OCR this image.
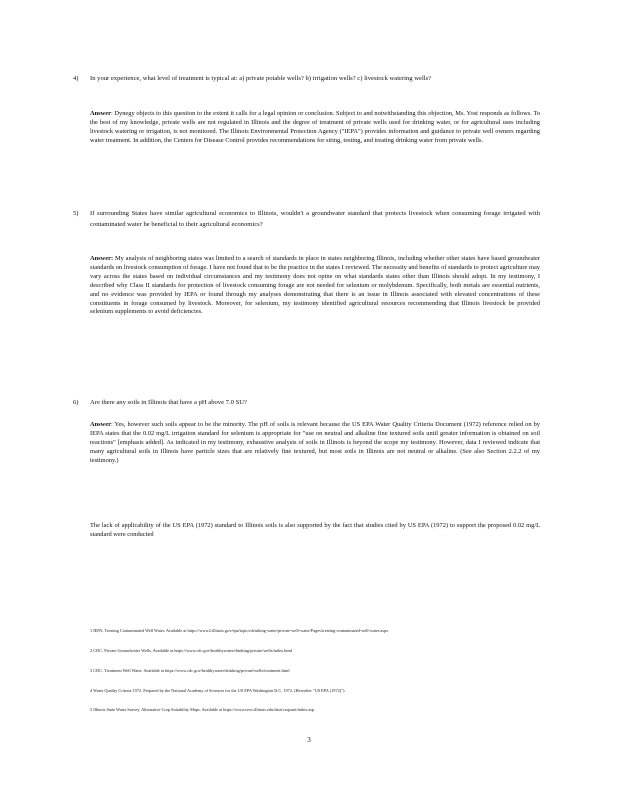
4) In your experience, what level of treatment is typical at: a) private potable wells? b) irrigation wells? c) livestock watering wells?
Answer: Dynegy objects to this question to the extent it calls for a legal opinion or conclusion. Subject to and notwithstanding this objection, Ms. Yost responds as follows. To the best of my knowledge, private wells are not regulated in Illinois and the degree of treatment of private wells used for drinking water, or for agricultural uses including livestock watering or irrigation, is not monitored. The Illinois Environmental Protection Agency ("IEPA") provides information and guidance to private well owners regarding water treatment. In addition, the Centers for Disease Control provides recommendations for siting, testing, and treating drinking water from private wells.
5) If surrounding States have similar agricultural economics to Illinois, wouldn't a groundwater standard that protects livestock when consuming forage irrigated with contaminated water be beneficial to their agricultural economics?
Answer: My analysis of neighboring states was limited to a search of standards in place in states neighboring Illinois, including whether other states have based groundwater standards on livestock consumption of forage. I have not found that to be the practice in the states I reviewed. The necessity and benefits of standards to protect agriculture may vary across the states based on individual circumstances and my testimony does not opine on what standards states other than Illinois should adopt. In my testimony, I described why Class II standards for protection of livestock consuming forage are not needed for selenium or molybdenum. Specifically, both metals are essential nutrients, and no evidence was provided by IEPA or found through my analyses demonstrating that there is an issue in Illinois associated with elevated concentrations of these constituents in forage consumed by livestock. Moreover, for selenium, my testimony identified agricultural resources recommending that Illinois livestock be provided selenium supplements to avoid deficiencies.
6) Are there any soils in Illinois that have a pH above 7.0 SU?
Answer: Yes, however such soils appear to be the minority. The pH of soils is relevant because the US EPA Water Quality Criteria Document (1972) reference relied on by IEPA states that the 0.02 mg/L irrigation standard for selenium is appropriate for "use on neutral and alkaline fine textured soils until greater information is obtained on soil reactions" [emphasis added]. As indicated in my testimony, exhaustive analysis of soils in Illinois is beyond the scope my testimony. However, data I reviewed indicate that many agricultural soils in Illinois have particle sizes that are relatively fine textured, but most soils in Illinois are not neutral or alkaline. (See also Section 2.2.2 of my testimony.)
The lack of applicability of the US EPA (1972) standard to Illinois soils is also supported by the fact that studies cited by US EPA (1972) to support the proposed 0.02 mg/L standard were conducted
1 IEPA, Treating Contaminated Well Water. Available at https://www2.illinois.gov/epa/topics/drinking-water/private-well-water/Pages/treating-contaminated-well-water.aspx
2 CDC, Private Groundwater Wells. Available at https://www.cdc.gov/healthywater/drinking/private/wells/index.html
3 CDC, Treatment Well Water. Available at https://www.cdc.gov/healthywater/drinking/private/wells/treatment.html
4 Water Quality Criteria 1972. Prepared by the National Academy of Sciences for the US EPA Washington D.C. 1972. (Hereafter "US EPA (1972)").
5 Illinois State Water Survey, Alternative Crop Suitability Maps. Available at https://www.isws.illinois.edu/data/cropsuit/index.asp
3
